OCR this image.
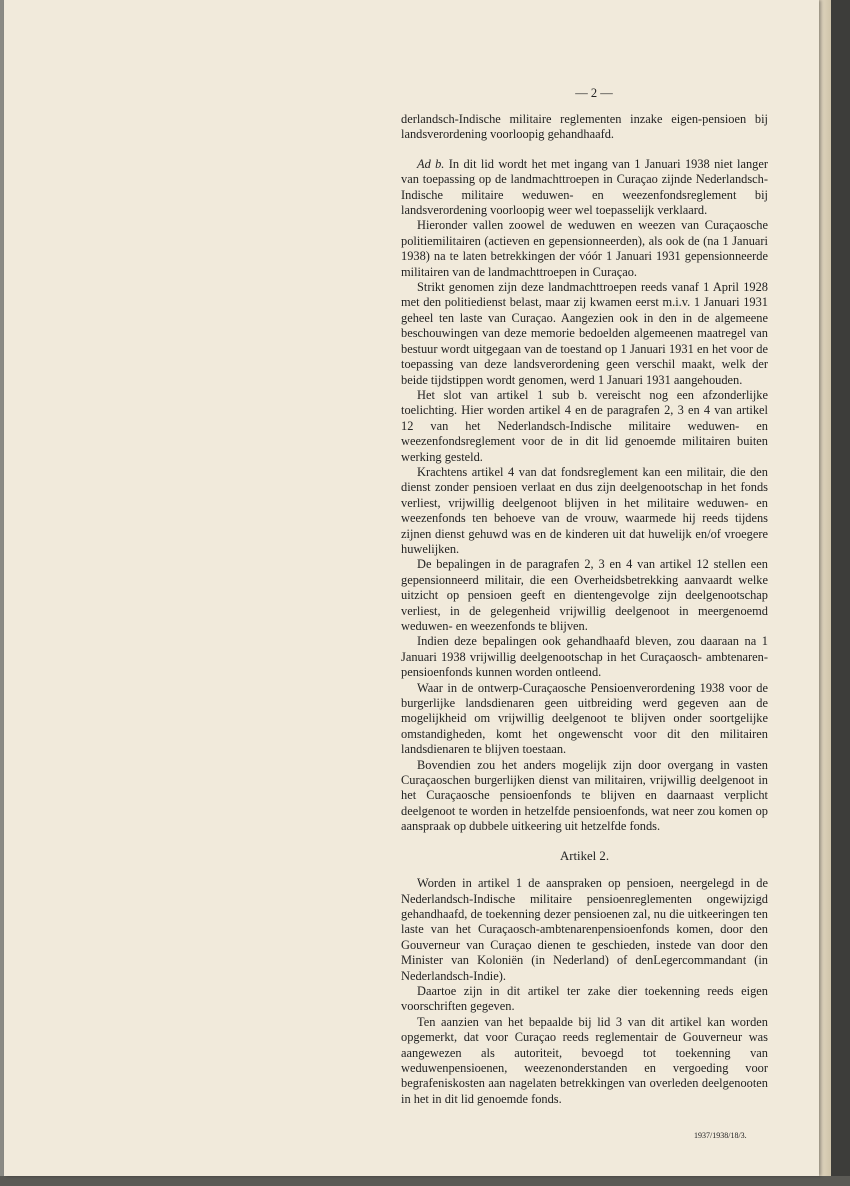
— 2 —

derlandsch-Indische militaire reglementen inzake eigen-pensioen bij landsverordening voorloopig gehandhaafd.

Ad b. In dit lid wordt het met ingang van 1 Januari 1938 niet langer van toepassing op de landmachttroepen in Curaçao zijnde Nederlandsch-Indische militaire weduwen- en weezenfondsreglement bij landsverordening voorloopig weer wel toepasselijk verklaard.

Hieronder vallen zoowel de weduwen en weezen van Curaçaosche politiemilitairen (actieven en gepensionneerden), als ook de (na 1 Januari 1938) na te laten betrekkingen der vóór 1 Januari 1931 gepensionneerde militairen van de landmachttroepen in Curaçao.

Strikt genomen zijn deze landmachttroepen reeds vanaf 1 April 1928 met den politiedienst belast, maar zij kwamen eerst m.i.v. 1 Januari 1931 geheel ten laste van Curaçao. Aangezien ook in den in de algemeene beschouwingen van deze memorie bedoelden algemeenen maatregel van bestuur wordt uitgegaan van de toestand op 1 Januari 1931 en het voor de toepassing van deze landsverordening geen verschil maakt, welk der beide tijdstippen wordt genomen, werd 1 Januari 1931 aangehouden.

Het slot van artikel 1 sub b. vereischt nog een afzonderlijke toelichting. Hier worden artikel 4 en de paragrafen 2, 3 en 4 van artikel 12 van het Nederlandsch-Indische militaire weduwen- en weezenfondsreglement voor de in dit lid genoemde militairen buiten werking gesteld.

Krachtens artikel 4 van dat fondsreglement kan een militair, die den dienst zonder pensioen verlaat en dus zijn deelgenootschap in het fonds verliest, vrijwillig deelgenoot blijven in het militaire weduwen- en weezenfonds ten behoeve van de vrouw, waarmede hij reeds tijdens zijnen dienst gehuwd was en de kinderen uit dat huwelijk en/of vroegere huwelijken.

De bepalingen in de paragrafen 2, 3 en 4 van artikel 12 stellen een gepensionneerd militair, die een Overheidsbetrekking aanvaardt welke uitzicht op pensioen geeft en dientengevolge zijn deelgenootschap verliest, in de gelegenheid vrijwillig deelgenoot in meergenoemd weduwen- en weezenfonds te blijven.

Indien deze bepalingen ook gehandhaafd bleven, zou daaraan na 1 Januari 1938 vrijwillig deelgenootschap in het Curaçaosch- ambtenaren-pensioenfonds kunnen worden ontleend.

Waar in de ontwerp-Curaçaosche Pensioenverordening 1938 voor de burgerlijke landsdienaren geen uitbreiding werd gegeven aan de mogelijkheid om vrijwillig deelgenoot te blijven onder soortgelijke omstandigheden, komt het ongewenscht voor dit den militairen landsdienaren te blijven toestaan.

Bovendien zou het anders mogelijk zijn door overgang in vasten Curaçaoschen burgerlijken dienst van militairen, vrijwillig deelgenoot in het Curaçaosche pensioenfonds te blijven en daarnaast verplicht deelgenoot te worden in hetzelfde pensioenfonds, wat neer zou komen op aanspraak op dubbele uitkeering uit hetzelfde fonds.

Artikel 2.

Worden in artikel 1 de aanspraken op pensioen, neergelegd in de Nederlandsch-Indische militaire pensioenreglementen ongewijzigd gehandhaafd, de toekenning dezer pensioenen zal, nu die uitkeeringen ten laste van het Curaçaosch-ambtenarenpensioenfonds komen, door den Gouverneur van Curaçao dienen te geschieden, instede van door den Minister van Koloniën (in Nederland) of denLegercommandant (in Nederlandsch-Indie).

Daartoe zijn in dit artikel ter zake dier toekenning reeds eigen voorschriften gegeven.

Ten aanzien van het bepaalde bij lid 3 van dit artikel kan worden opgemerkt, dat voor Curaçao reeds reglementair de Gouverneur was aangewezen als autoriteit, bevoegd tot toekenning van weduwenpensioenen, weezenonderstanden en vergoeding voor begrafeniskosten aan nagelaten betrekkingen van overleden deelgenooten in het in dit lid genoemde fonds.

1937/1938/18/3.
